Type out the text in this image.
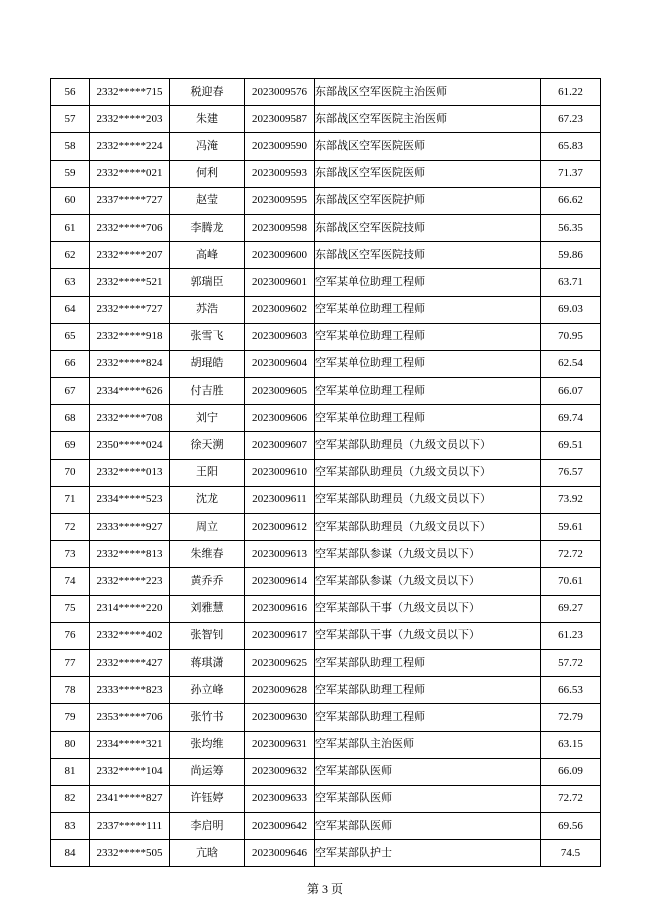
56	2332*****715	税迎春	2023009576	东部战区空军医院主治医师	61.22
57	2332*****203	朱建	2023009587	东部战区空军医院主治医师	67.23
58	2332*****224	冯淹	2023009590	东部战区空军医院医师	65.83
59	2332*****021	何利	2023009593	东部战区空军医院医师	71.37
60	2337*****727	赵莹	2023009595	东部战区空军医院护师	66.62
61	2332*****706	李腾龙	2023009598	东部战区空军医院技师	56.35
62	2332*****207	高峰	2023009600	东部战区空军医院技师	59.86
63	2332*****521	郭瑞臣	2023009601	空军某单位助理工程师	63.71
64	2332*****727	苏浩	2023009602	空军某单位助理工程师	69.03
65	2332*****918	张雪飞	2023009603	空军某单位助理工程师	70.95
66	2332*****824	胡琨皓	2023009604	空军某单位助理工程师	62.54
67	2334*****626	付吉胜	2023009605	空军某单位助理工程师	66.07
68	2332*****708	刘宁	2023009606	空军某单位助理工程师	69.74
69	2350*****024	徐天溯	2023009607	空军某部队助理员（九级文员以下）	69.51
70	2332*****013	王阳	2023009610	空军某部队助理员（九级文员以下）	76.57
71	2334*****523	沈龙	2023009611	空军某部队助理员（九级文员以下）	73.92
72	2333*****927	周立	2023009612	空军某部队助理员（九级文员以下）	59.61
73	2332*****813	朱维春	2023009613	空军某部队参谋（九级文员以下）	72.72
74	2332*****223	黄乔乔	2023009614	空军某部队参谋（九级文员以下）	70.61
75	2314*****220	刘雅慧	2023009616	空军某部队干事（九级文员以下）	69.27
76	2332*****402	张智钊	2023009617	空军某部队干事（九级文员以下）	61.23
77	2332*****427	蒋琪潇	2023009625	空军某部队助理工程师	57.72
78	2333*****823	孙立峰	2023009628	空军某部队助理工程师	66.53
79	2353*****706	张竹书	2023009630	空军某部队助理工程师	72.79
80	2334*****321	张均维	2023009631	空军某部队主治医师	63.15
81	2332*****104	尚运筹	2023009632	空军某部队医师	66.09
82	2341*****827	许钰婷	2023009633	空军某部队医师	72.72
83	2337*****111	李启明	2023009642	空军某部队医师	69.56
84	2332*****505	亢晗	2023009646	空军某部队护士	74.5
第 3 页
